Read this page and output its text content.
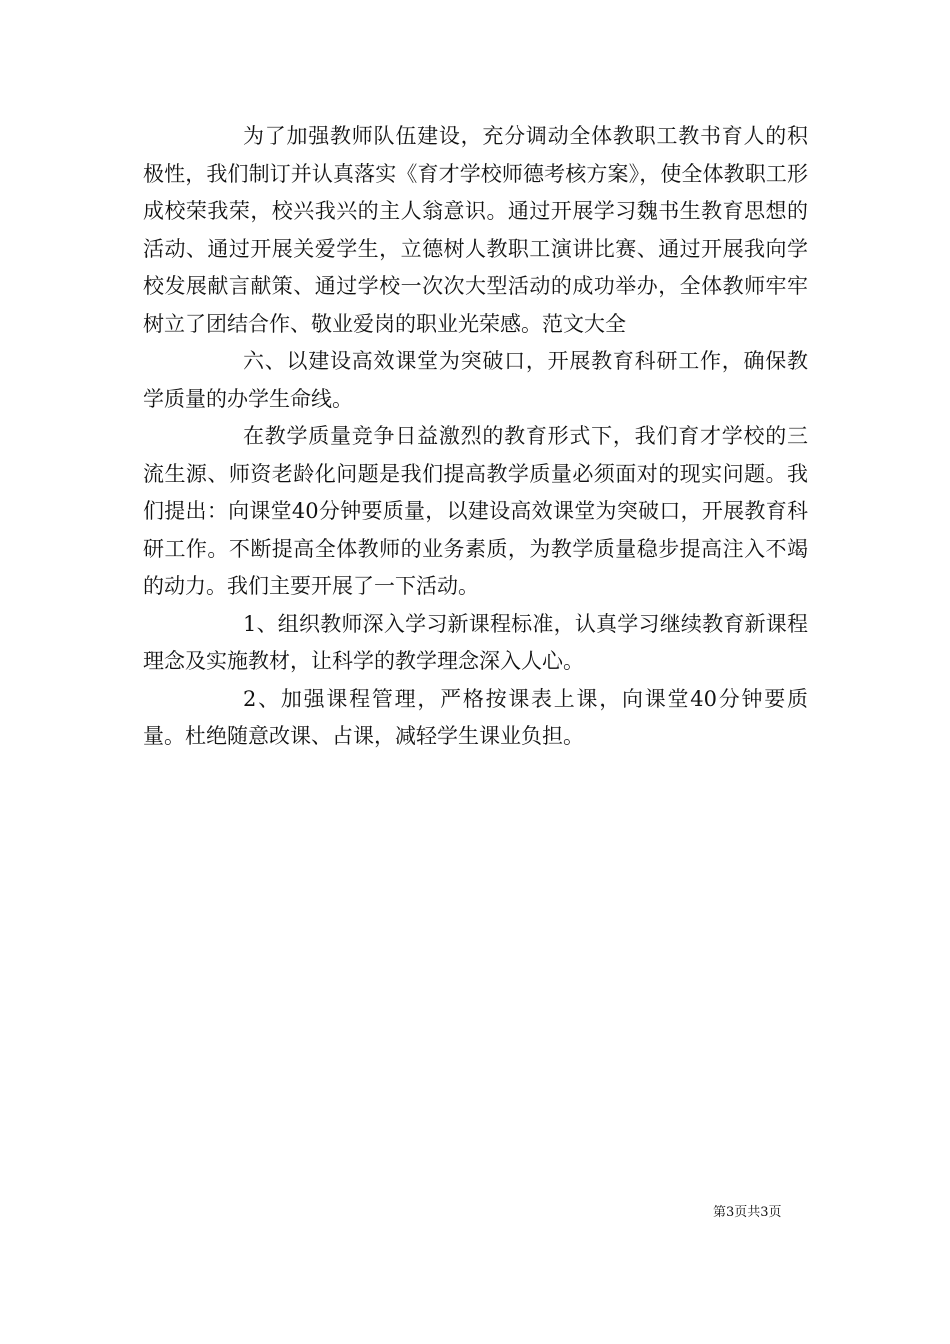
为了加强教师队伍建设，充分调动全体教职工教书育人的积极性，我们制订并认真落实《育才学校师德考核方案》，使全体教职工形成校荣我荣，校兴我兴的主人翁意识。通过开展学习魏书生教育思想的活动、通过开展关爱学生，立德树人教职工演讲比赛、通过开展我向学校发展献言献策、通过学校一次次大型活动的成功举办，全体教师牢牢树立了团结合作、敬业爱岗的职业光荣感。范文大全

六、以建设高效课堂为突破口，开展教育科研工作，确保教学质量的办学生命线。

在教学质量竞争日益激烈的教育形式下，我们育才学校的三流生源、师资老龄化问题是我们提高教学质量必须面对的现实问题。我们提出：向课堂40分钟要质量，以建设高效课堂为突破口，开展教育科研工作。不断提高全体教师的业务素质，为教学质量稳步提高注入不竭的动力。我们主要开展了一下活动。

1、组织教师深入学习新课程标准，认真学习继续教育新课程理念及实施教材，让科学的教学理念深入人心。

2、加强课程管理，严格按课表上课，向课堂40分钟要质量。杜绝随意改课、占课，减轻学生课业负担。

第3页共3页
